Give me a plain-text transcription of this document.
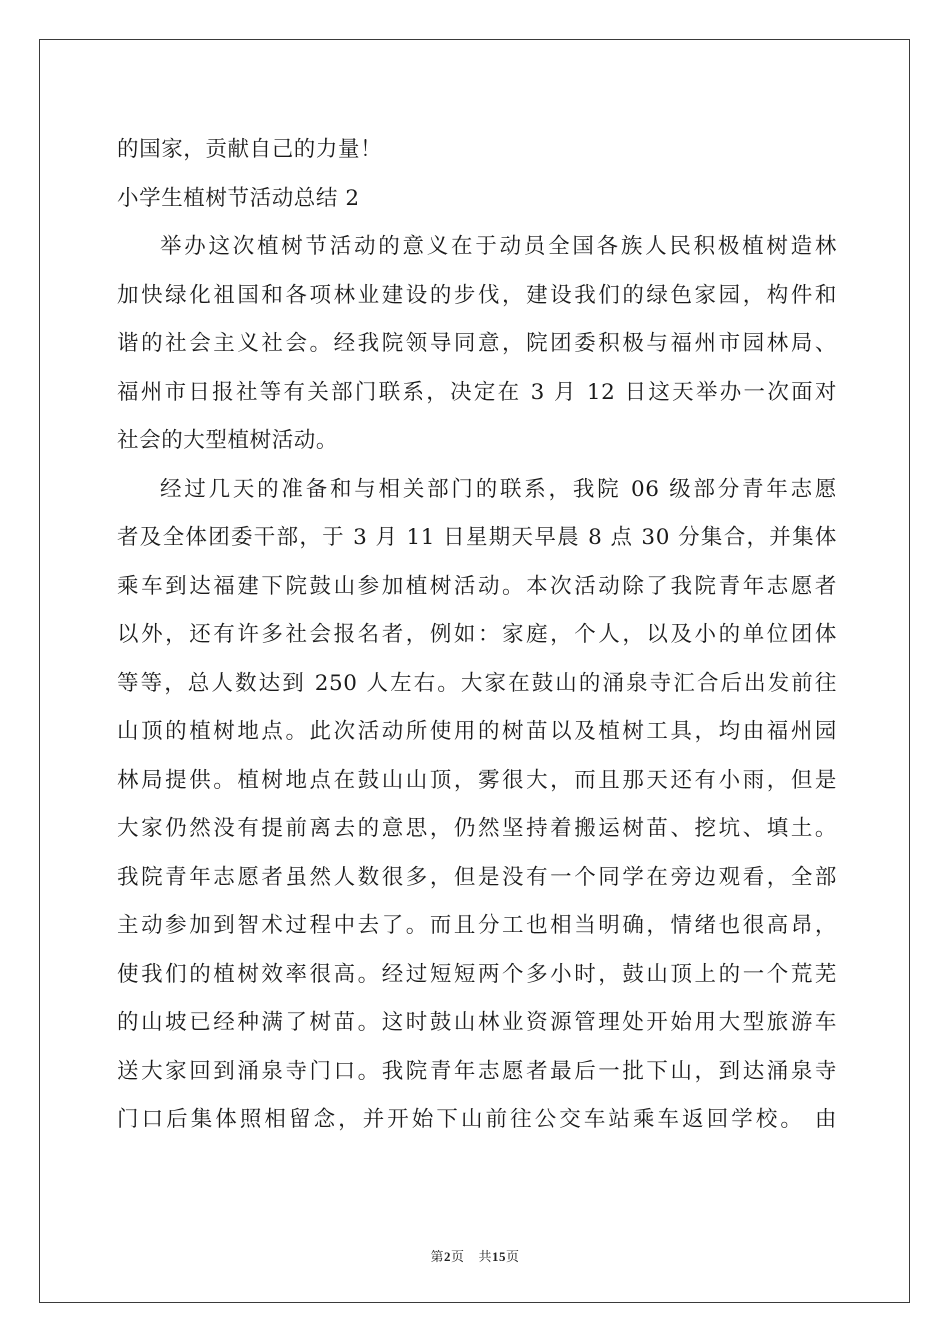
的国家，贡献自己的力量！
小学生植树节活动总结 2
举办这次植树节活动的意义在于动员全国各族人民积极植树造林
加快绿化祖国和各项林业建设的步伐，建设我们的绿色家园，构件和
谐的社会主义社会。经我院领导同意，院团委积极与福州市园林局、
福州市日报社等有关部门联系，决定在 3 月 12 日这天举办一次面对
社会的大型植树活动。
经过几天的准备和与相关部门的联系，我院 06 级部分青年志愿
者及全体团委干部，于 3 月 11 日星期天早晨 8 点 30 分集合，并集体
乘车到达福建下院鼓山参加植树活动。本次活动除了我院青年志愿者
以外，还有许多社会报名者，例如：家庭，个人，以及小的单位团体
等等，总人数达到 250 人左右。大家在鼓山的涌泉寺汇合后出发前往
山顶的植树地点。此次活动所使用的树苗以及植树工具，均由福州园
林局提供。植树地点在鼓山山顶，雾很大，而且那天还有小雨，但是
大家仍然没有提前离去的意思，仍然坚持着搬运树苗、挖坑、填土。
我院青年志愿者虽然人数很多，但是没有一个同学在旁边观看，全部
主动参加到智术过程中去了。而且分工也相当明确，情绪也很高昂，
使我们的植树效率很高。经过短短两个多小时，鼓山顶上的一个荒芜
的山坡已经种满了树苗。这时鼓山林业资源管理处开始用大型旅游车
送大家回到涌泉寺门口。我院青年志愿者最后一批下山，到达涌泉寺
门口后集体照相留念，并开始下山前往公交车站乘车返回学校。 由
第2页 共15页
